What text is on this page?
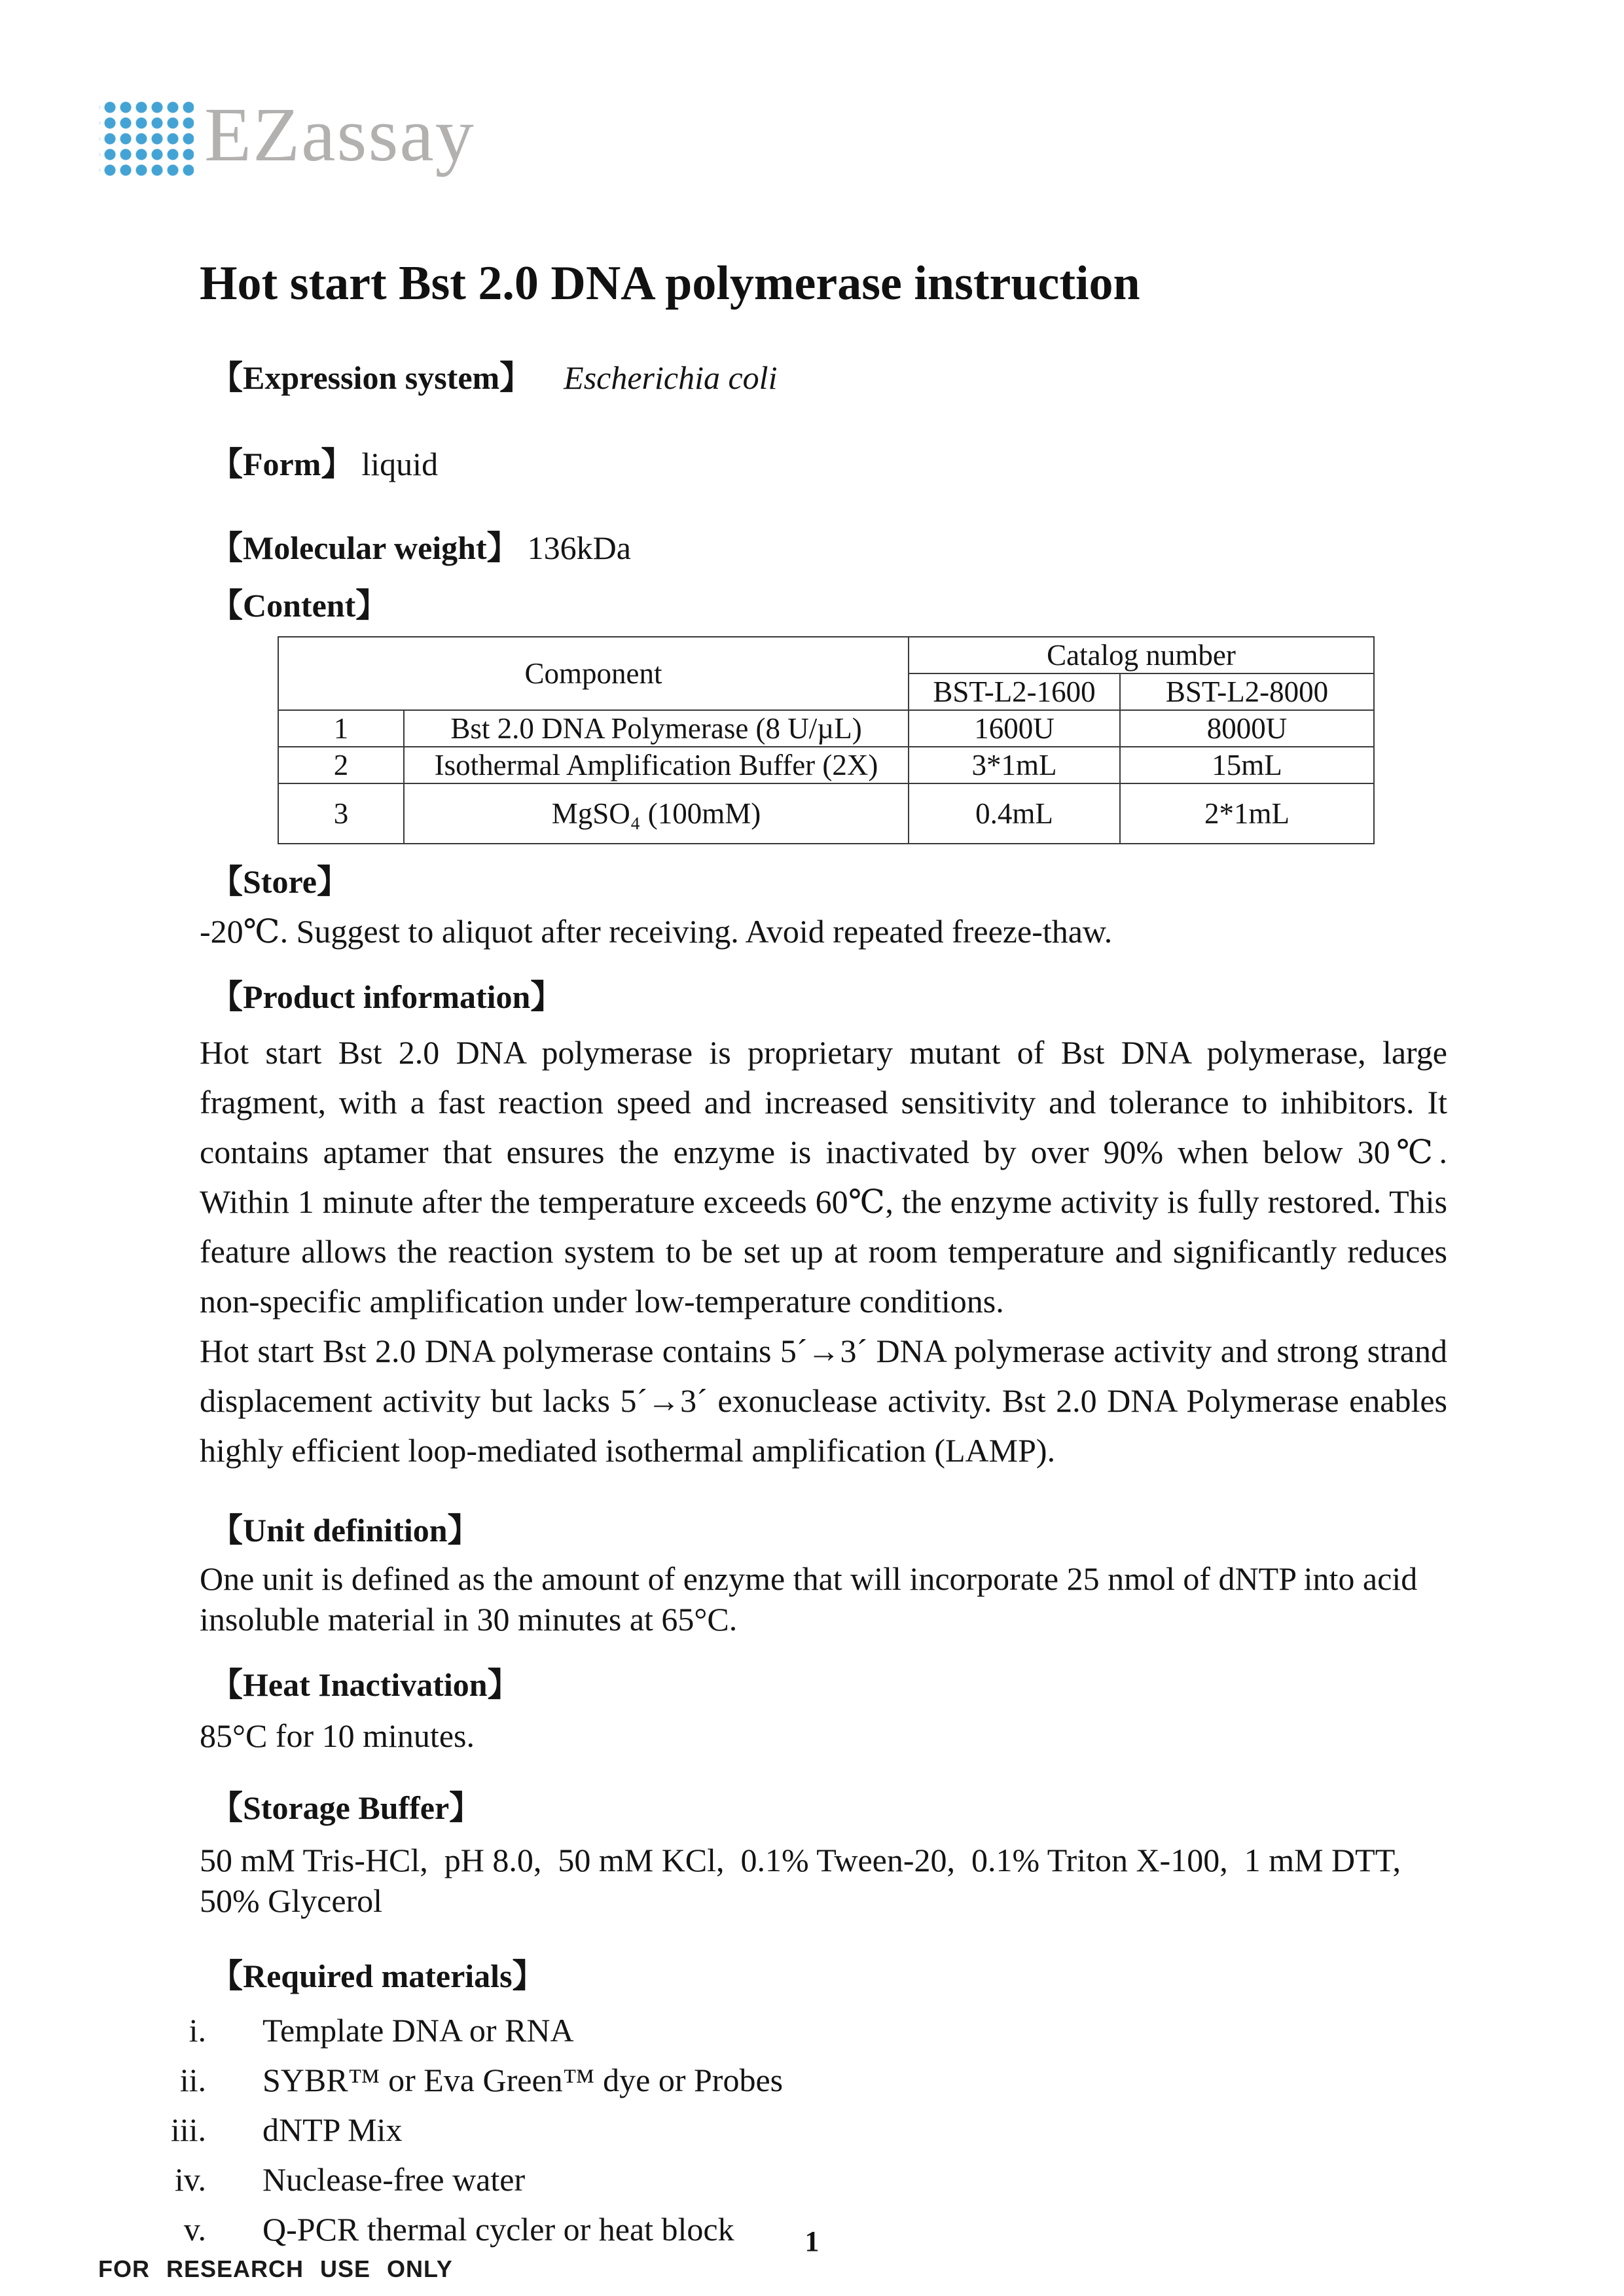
EZassay
Hot start Bst 2.0 DNA polymerase instruction
【Expression system】 Escherichia coli
【Form】 liquid
【Molecular weight】 136kDa
【Content】
Component		Catalog number	
		BST-L2-1600	BST-L2-8000
1	Bst 2.0 DNA Polymerase (8 U/µL)	1600U	8000U
2	Isothermal Amplification Buffer (2X)	3*1mL	15mL
3	MgSO₄ (100mM)	0.4mL	2*1mL
【Store】
-20℃. Suggest to aliquot after receiving. Avoid repeated freeze-thaw.
【Product information】

Hot start Bst 2.0 DNA polymerase is proprietary mutant of Bst DNA polymerase, large fragment, with a fast reaction speed and increased sensitivity and tolerance to inhibitors. It contains aptamer that ensures the enzyme is inactivated by over 90% when below 30℃. Within 1 minute after the temperature exceeds 60℃, the enzyme activity is fully restored. This feature allows the reaction system to be set up at room temperature and significantly reduces non-specific amplification under low-temperature conditions.

Hot start Bst 2.0 DNA polymerase contains 5´→3´ DNA polymerase activity and strong strand displacement activity but lacks 5´→3´ exonuclease activity. Bst 2.0 DNA Polymerase enables highly efficient loop-mediated isothermal amplification (LAMP).

【Unit definition】
One unit is defined as the amount of enzyme that will incorporate 25 nmol of dNTP into acid insoluble material in 30 minutes at 65°C.
【Heat Inactivation】
85°C for 10 minutes.
【Storage Buffer】
50 mM Tris-HCl,  pH 8.0,  50 mM KCl,  0.1% Tween-20,  0.1% Triton X-100,  1 mM DTT,  50% Glycerol
【Required materials】
i. Template DNA or RNA
ii. SYBR™ or Eva Green™ dye or Probes
iii. dNTP Mix
iv. Nuclease-free water
v. Q-PCR thermal cycler or heat block	1
FOR RESEARCH USE ONLY
